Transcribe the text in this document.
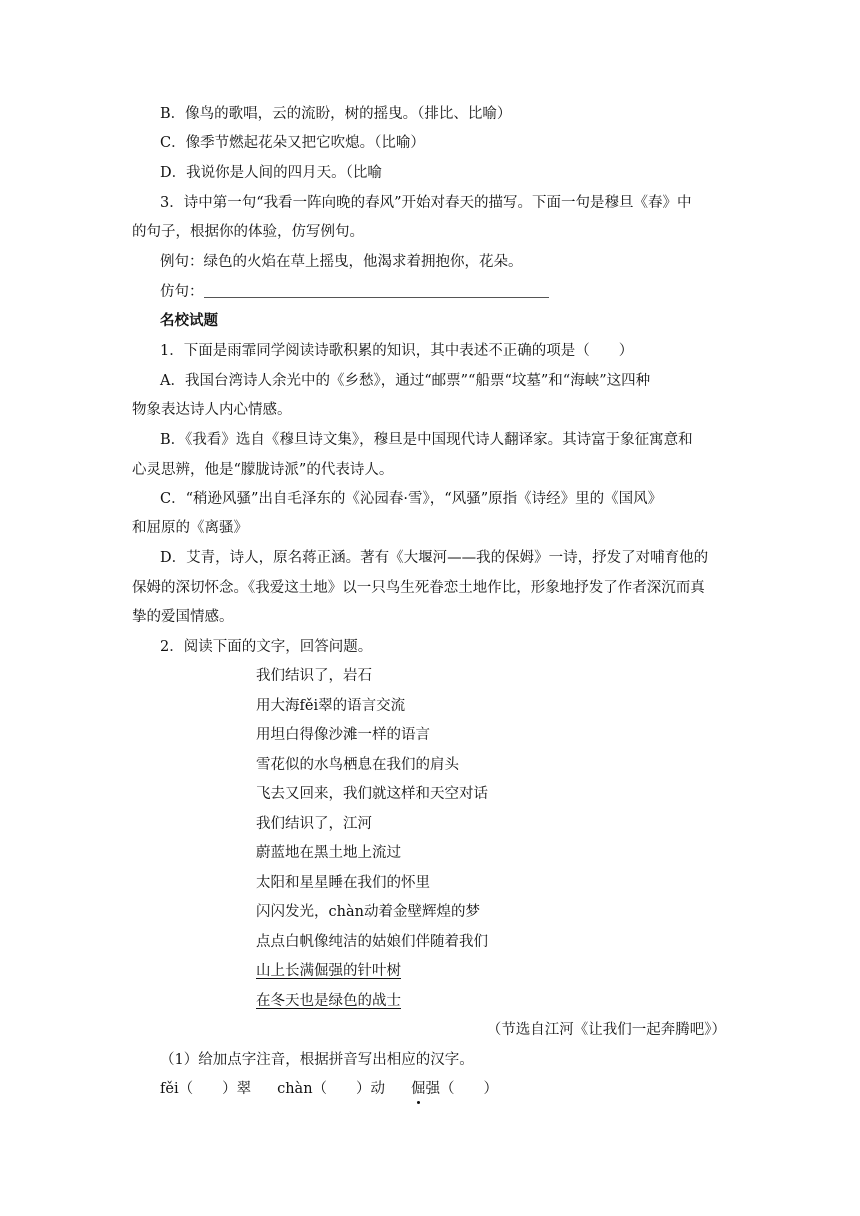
B．像鸟的歌唱，云的流盼，树的摇曳。（排比、比喻）
C．像季节燃起花朵又把它吹熄。（比喻）
D．我说你是人间的四月天。（比喻
3．诗中第一句“我看一阵向晚的春风”开始对春天的描写。下面一句是穆旦《春》中
的句子，根据你的体验，仿写例句。
例句：绿色的火焰在草上摇曳，他渴求着拥抱你，花朵。
仿句：
名校试题
1．下面是雨霏同学阅读诗歌积累的知识，其中表述不正确的项是（　　）
A．我国台湾诗人余光中的《乡愁》，通过“邮票”“船票“坟墓”和“海峡”这四种
物象表达诗人内心情感。
B．《我看》选自《穆旦诗文集》，穆旦是中国现代诗人翻译家。其诗富于象征寓意和
心灵思辨，他是“朦胧诗派”的代表诗人。
C．“稍逊风骚”出自毛泽东的《沁园春·雪》，“风骚”原指《诗经》里的《国风》
和屈原的《离骚》
D．艾青，诗人，原名蒋正涵。著有《大堰河——我的保姆》一诗，抒发了对哺育他的
保姆的深切怀念。《我爱这土地》以一只鸟生死眷恋土地作比，形象地抒发了作者深沉而真
挚的爱国情感。
2．阅读下面的文字，回答问题。
我们结识了，岩石
用大海fěi翠的语言交流
用坦白得像沙滩一样的语言
雪花似的水鸟栖息在我们的肩头
飞去又回来，我们就这样和天空对话
我们结识了，江河
蔚蓝地在黑土地上流过
太阳和星星睡在我们的怀里
闪闪发光，chàn动着金壁辉煌的梦
点点白帆像纯洁的姑娘们伴随着我们
山上长满倔强的针叶树
在冬天也是绿色的战士
（节选自江河《让我们一起奔腾吧》）
（1）给加点字注音，根据拼音写出相应的汉字。
fěi（　　）翠 chàn（　　）动 倔强（　　）
